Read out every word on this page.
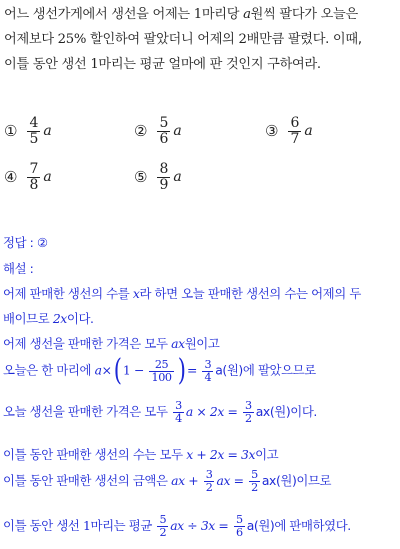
어느 생선가게에서 생선을 어제는 1마리당 a원씩 팔다가 오늘은
어제보다 25% 할인하여 팔았더니 어제의 2배만큼 팔렸다. 이때,
이틀 동안 생선 1마리는 평균 얼마에 판 것인지 구하여라.
① $\frac{4}{5}$ a	② $\frac{5}{6}$ a	③ $\frac{6}{7}$ a
④ $\frac{7}{8}$ a	⑤ $\frac{8}{9}$ a
정답 : ②
해설 :
어제 판매한 생선의 수를 x라 하면 오늘 판매한 생선의 수는 어제의 두
배이므로 2x이다.
어제 생선을 판매한 가격은 모두 ax원이고
오늘은 한 마리에 a×( $1 - \frac{25}{100}$ ) = $\frac{3}{4} a$(원)에 팔았으므로
오늘 생선을 판매한 가격은 모두 $\frac{3}{4}$ $a \times 2x = \frac{3}{2} ax$(원)이다.
이틀 동안 판매한 생선의 수는 모두 x + 2x = 3x이고
이틀 동안 판매한 생선의 금액은 ax + $\frac{3}{2}$ ax = $\frac{5}{2} ax$(원)이므로
이틀 동안 생선 1마리는 평균 $\frac{5}{2}$ ax ÷ $3x = \frac{5}{6} a$(원)에 판매하였다.
